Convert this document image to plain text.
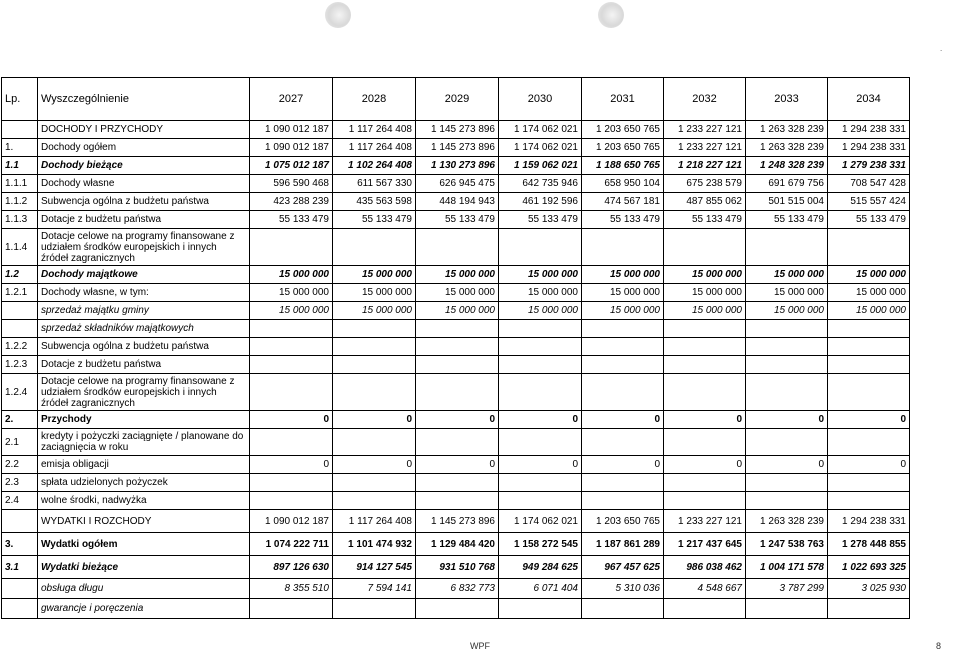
.
Lp.	Wyszczególnienie	2027	2028	2029	2030	2031	2032	2033	2034
	DOCHODY I PRZYCHODY	1 090 012 187	1 117 264 408	1 145 273 896	1 174 062 021	1 203 650 765	1 233 227 121	1 263 328 239	1 294 238 331
1.	Dochody ogółem	1 090 012 187	1 117 264 408	1 145 273 896	1 174 062 021	1 203 650 765	1 233 227 121	1 263 328 239	1 294 238 331
1.1	Dochody bieżące	1 075 012 187	1 102 264 408	1 130 273 896	1 159 062 021	1 188 650 765	1 218 227 121	1 248 328 239	1 279 238 331
1.1.1	Dochody własne	596 590 468	611 567 330	626 945 475	642 735 946	658 950 104	675 238 579	691 679 756	708 547 428
1.1.2	Subwencja ogólna z budżetu państwa	423 288 239	435 563 598	448 194 943	461 192 596	474 567 181	487 855 062	501 515 004	515 557 424
1.1.3	Dotacje z budżetu państwa	55 133 479	55 133 479	55 133 479	55 133 479	55 133 479	55 133 479	55 133 479	55 133 479
1.1.4	Dotacje celowe na programy finansowane z udziałem środków europejskich i innych źródeł zagranicznych								
1.2	Dochody majątkowe	15 000 000	15 000 000	15 000 000	15 000 000	15 000 000	15 000 000	15 000 000	15 000 000
1.2.1	Dochody własne, w tym:	15 000 000	15 000 000	15 000 000	15 000 000	15 000 000	15 000 000	15 000 000	15 000 000
	sprzedaż majątku gminy	15 000 000	15 000 000	15 000 000	15 000 000	15 000 000	15 000 000	15 000 000	15 000 000
	sprzedaż składników majątkowych								
1.2.2	Subwencja ogólna z budżetu państwa								
1.2.3	Dotacje z budżetu państwa								
1.2.4	Dotacje celowe na programy finansowane z udziałem środków europejskich i innych źródeł zagranicznych								
2.	Przychody	0	0	0	0	0	0	0	0
2.1	kredyty i pożyczki zaciągnięte / planowane do zaciągnięcia w roku								
2.2	emisja obligacji	0	0	0	0	0	0	0	0
2.3	spłata udzielonych pożyczek								
2.4	wolne środki, nadwyżka								
	WYDATKI I ROZCHODY	1 090 012 187	1 117 264 408	1 145 273 896	1 174 062 021	1 203 650 765	1 233 227 121	1 263 328 239	1 294 238 331
3.	Wydatki ogółem	1 074 222 711	1 101 474 932	1 129 484 420	1 158 272 545	1 187 861 289	1 217 437 645	1 247 538 763	1 278 448 855
3.1	Wydatki bieżące	897 126 630	914 127 545	931 510 768	949 284 625	967 457 625	986 038 462	1 004 171 578	1 022 693 325
	obsługa długu	8 355 510	7 594 141	6 832 773	6 071 404	5 310 036	4 548 667	3 787 299	3 025 930
	gwarancje i poręczenia								
WPF	8
